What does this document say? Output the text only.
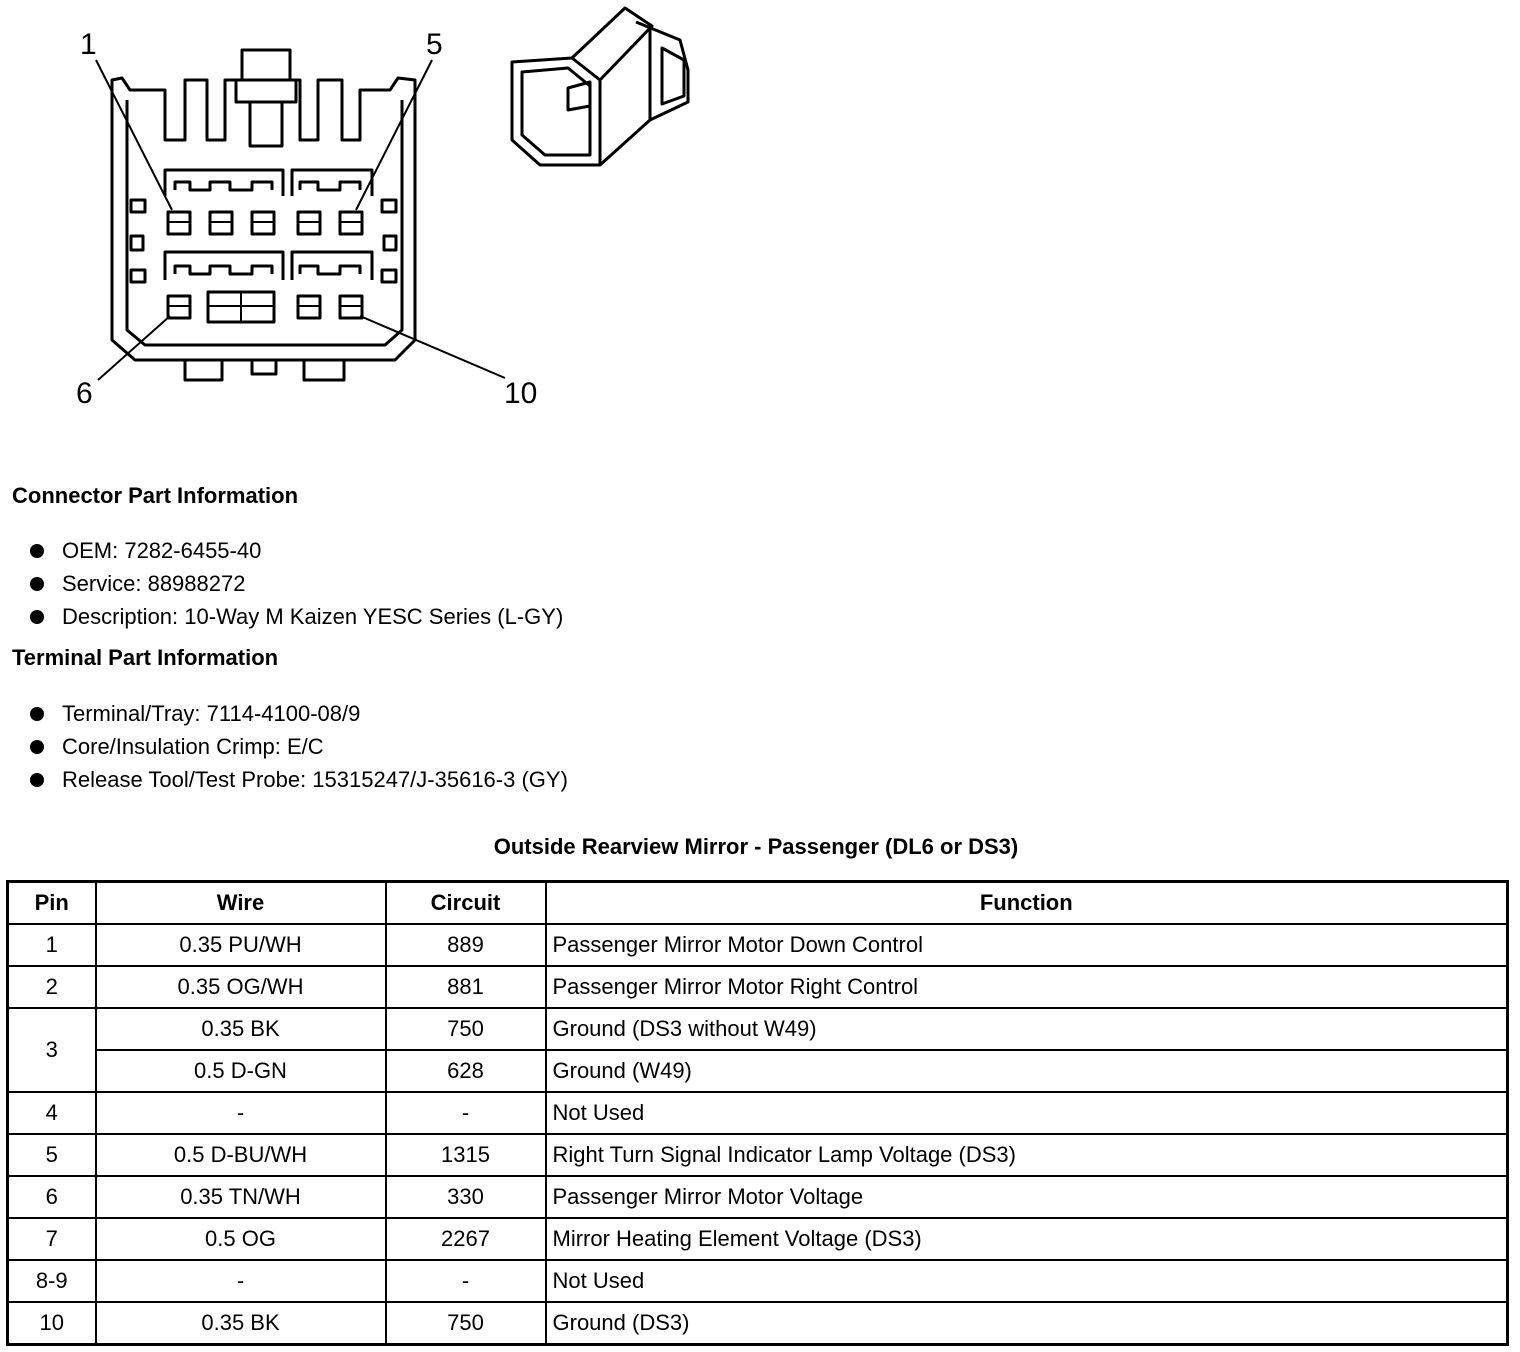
1	5
6	10
Connector Part Information
OEM: 7282-6455-40
Service: 88988272
Description: 10-Way M Kaizen YESC Series (L-GY)
Terminal Part Information
Terminal/Tray: 7114-4100-08/9
Core/Insulation Crimp: E/C
Release Tool/Test Probe: 15315247/J-35616-3 (GY)
Outside Rearview Mirror - Passenger (DL6 or DS3)
Pin	Wire	Circuit	Function
1	0.35 PU/WH	889	Passenger Mirror Motor Down Control
2	0.35 OG/WH	881	Passenger Mirror Motor Right Control
3	0.35 BK	750	Ground (DS3 without W49)
	0.5 D-GN	628	Ground (W49)
4	-	-	Not Used
5	0.5 D-BU/WH	1315	Right Turn Signal Indicator Lamp Voltage (DS3)
6	0.35 TN/WH	330	Passenger Mirror Motor Voltage
7	0.5 OG	2267	Mirror Heating Element Voltage (DS3)
8-9	-	-	Not Used
10	0.35 BK	750	Ground (DS3)
